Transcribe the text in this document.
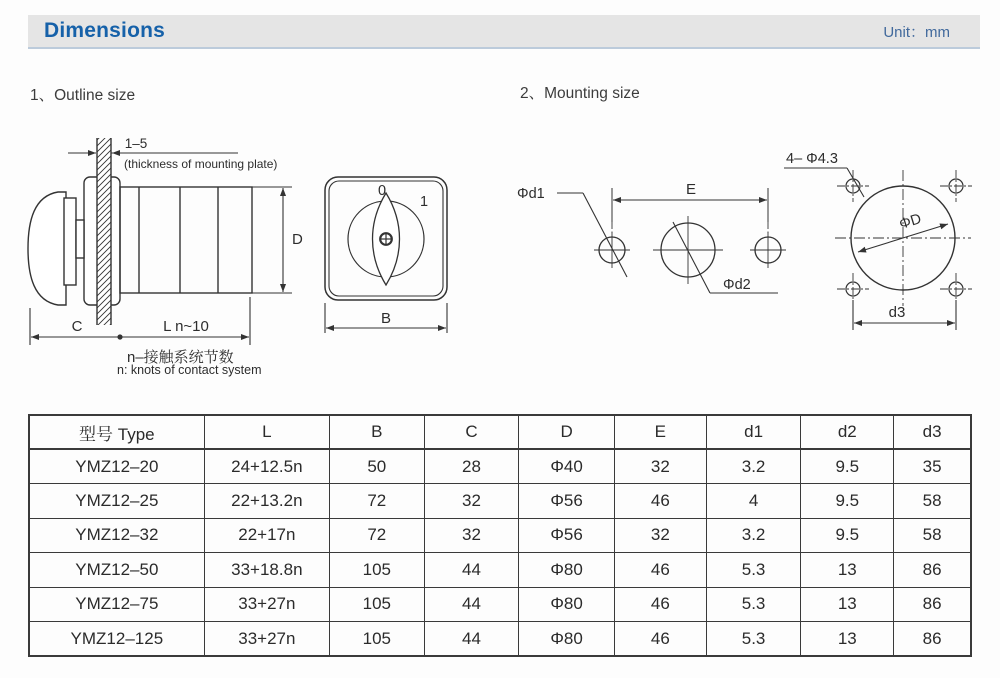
Dimensions	Unit：mm
1、Outline size	2、Mounting size
1–5
(thickness of mounting plate)
D
C	L n~10
n–接触系统节数
n: knots of contact system
0
1
B
Φd1	E
Φd2
4– Φ4.3
ΦD
d3
型号 Type	L	B	C	D	E	d1	d2	d3
YMZ12–20	24+12.5n	50	28	Φ40	32	3.2	9.5	35
YMZ12–25	22+13.2n	72	32	Φ56	46	4	9.5	58
YMZ12–32	22+17n	72	32	Φ56	32	3.2	9.5	58
YMZ12–50	33+18.8n	105	44	Φ80	46	5.3	13	86
YMZ12–75	33+27n	105	44	Φ80	46	5.3	13	86
YMZ12–125	33+27n	105	44	Φ80	46	5.3	13	86
